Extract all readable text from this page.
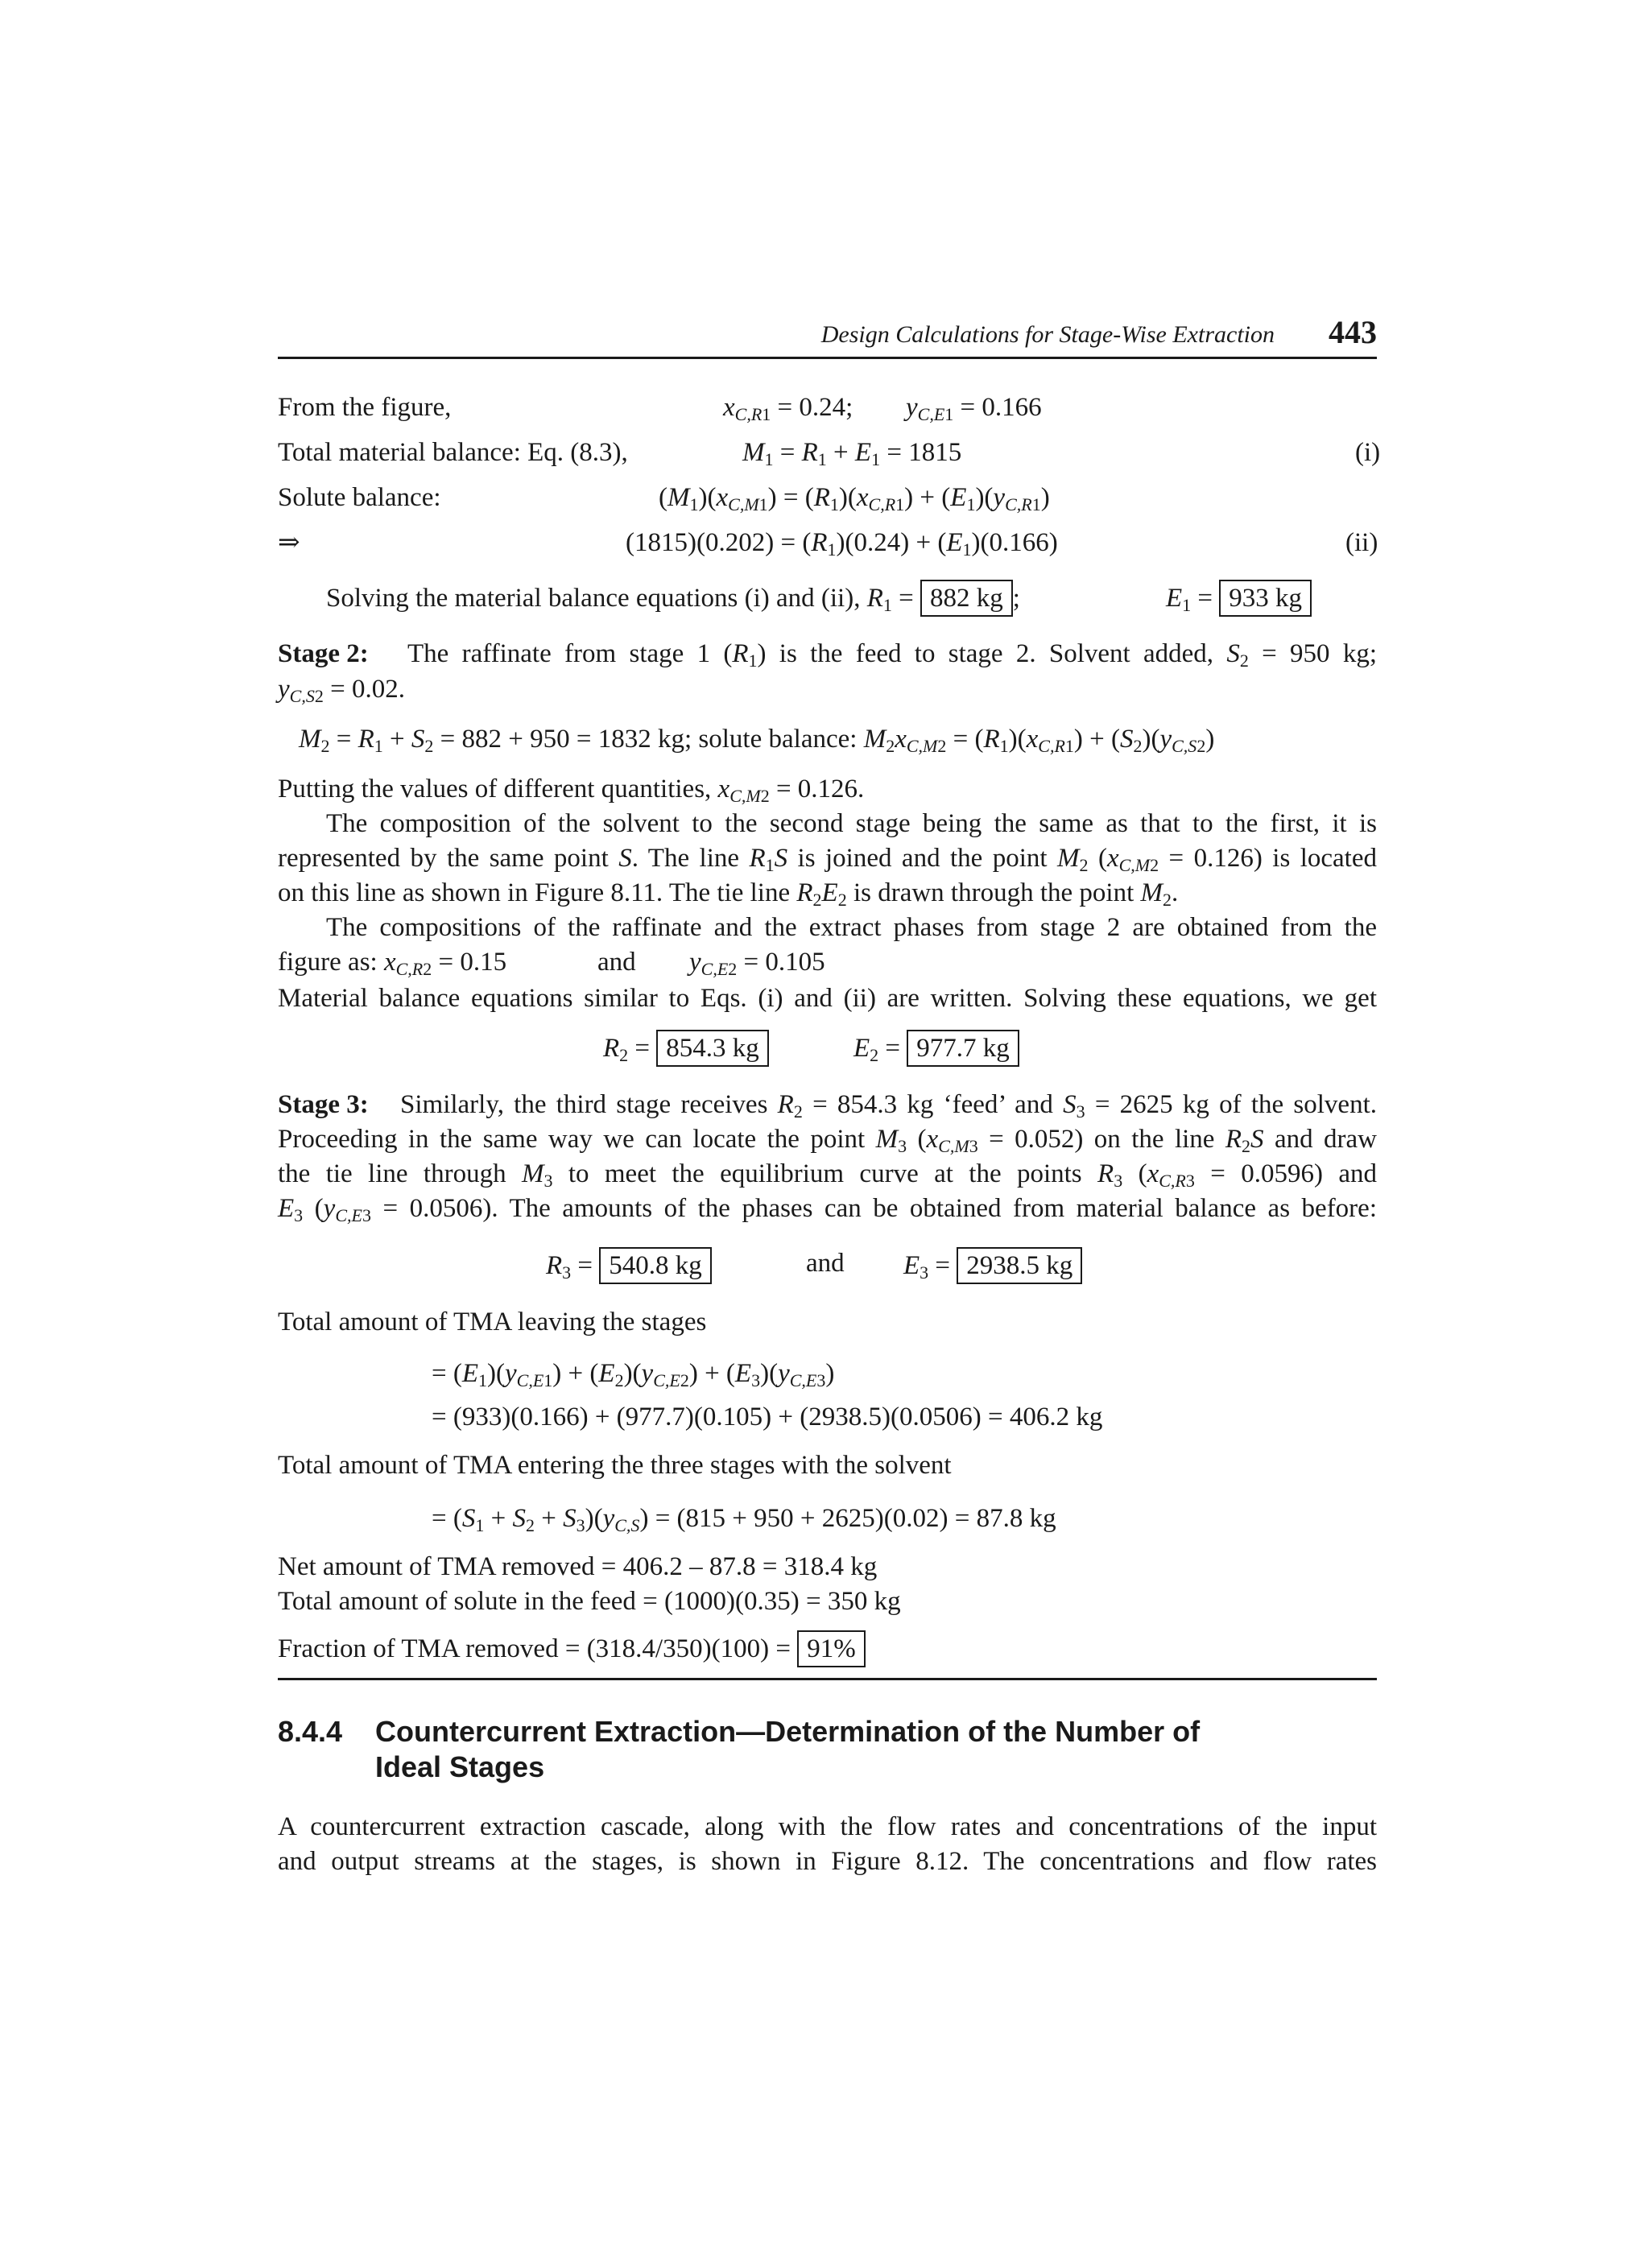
Design Calculations for Stage-Wise Extraction 443
From the figure,	$x_{C,R1} = 0.24$; $y_{C,E1} = 0.166$
Total material balance: Eq. (8.3),	$M_1 = R_1 + E_1 = 1815$	(i)
Solute balance:	$(M_1)(x_{C,M1}) = (R_1)(x_{C,R1}) + (E_1)(y_{C,R1})$
⇒	$(1815)(0.202) = (R_1)(0.24) + (E_1)(0.166)$	(ii)
Solving the material balance equations (i) and (ii), $R_1 = 882$ kg ;	$E_1 = 933$ kg
Stage 2: The raffinate from stage 1 $(R_1)$ is the feed to stage 2. Solvent added, $S_2 = 950$ kg;
$y_{C,S2} = 0.02$.
$M_2 = R_1 + S_2 = 882 + 950 = 1832$ kg; solute balance: $M_2x_{C,M2} = (R_1)(x_{C,R1}) + (S_2)(y_{C,S2})$
Putting the values of different quantities, $x_{C,M2} = 0.126$.
The composition of the solvent to the second stage being the same as that to the first, it is
represented by the same point S. The line $R_1S$ is joined and the point $M_2$ $(x_{C,M2} = 0.126)$ is located
on this line as shown in Figure 8.11. The tie line $R_2E_2$ is drawn through the point $M_2$.
The compositions of the raffinate and the extract phases from stage 2 are obtained from the
figure as: $x_{C,R2} = 0.15$	and $y_{C,E2} = 0.105$
Material balance equations similar to Eqs. (i) and (ii) are written. Solving these equations, we get
$R_2 = 854.3$ kg	$E_2 = 977.7$ kg
Stage 3: Similarly, the third stage receives $R_2 = 854.3$ kg ‘feed’ and $S_3 = 2625$ kg of the solvent.
Proceeding in the same way we can locate the point $M_3$ $(x_{C,M3} = 0.052)$ on the line $R_2S$ and draw
the tie line through $M_3$ to meet the equilibrium curve at the points $R_3$ $(x_{C,R3} = 0.0596)$ and
$E_3$ $(y_{C,E3} = 0.0506)$. The amounts of the phases can be obtained from material balance as before:
$R_3 = 540.8$ kg	and $E_3 = 2938.5$ kg
Total amount of TMA leaving the stages
= $(E_1)(y_{C,E1}) + (E_2)(y_{C,E2}) + (E_3)(y_{C,E3})$
= (933)(0.166) + (977.7)(0.105) + (2938.5)(0.0506) = 406.2 kg
Total amount of TMA entering the three stages with the solvent
= $(S_1 + S_2 + S_3)(y_{C,S}) = (815 + 950 + 2625)(0.02) = 87.8$ kg
Net amount of TMA removed = 406.2 – 87.8 = 318.4 kg
Total amount of solute in the feed = (1000)(0.35) = 350 kg
Fraction of TMA removed = (318.4/350)(100) = 91%
8.4.4 Countercurrent Extraction—Determination of the Number of
Ideal Stages
A countercurrent extraction cascade, along with the flow rates and concentrations of the input
and output streams at the stages, is shown in Figure 8.12. The concentrations and flow rates
